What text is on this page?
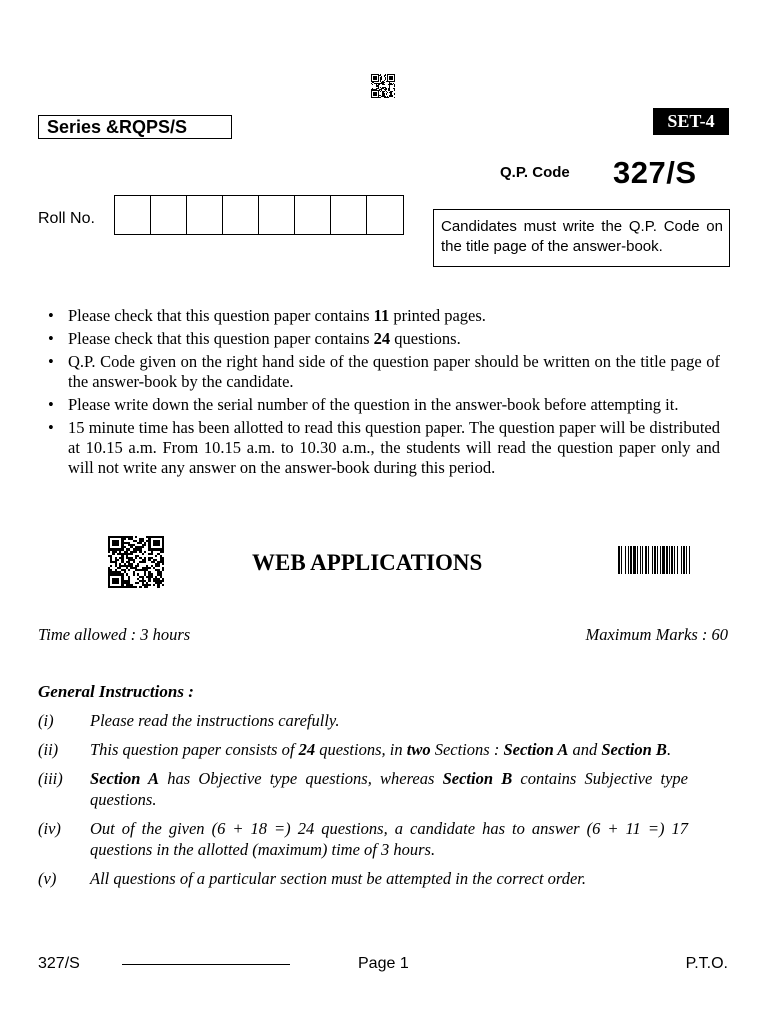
Series &RQPS/S	SET-4
Q.P. Code 327/S
Roll No.	Candidates must write the Q.P. Code on the title page of the answer-book.
• Please check that this question paper contains 11 printed pages.
• Please check that this question paper contains 24 questions.
• Q.P. Code given on the right hand side of the question paper should be written on the title page of the answer-book by the candidate.
• Please write down the serial number of the question in the answer-book before attempting it.
• 15 minute time has been allotted to read this question paper. The question paper will be distributed at 10.15 a.m. From 10.15 a.m. to 10.30 a.m., the students will read the question paper only and will not write any answer on the answer-book during this period.
WEB APPLICATIONS
Time allowed : 3 hours	Maximum Marks : 60
General Instructions :
(i)	Please read the instructions carefully.
(ii)	This question paper consists of 24 questions, in two Sections : Section A and Section B.
(iii)	Section A has Objective type questions, whereas Section B contains Subjective type questions.
(iv)	Out of the given (6 + 18 =) 24 questions, a candidate has to answer (6 + 11 =) 17 questions in the allotted (maximum) time of 3 hours.
(v)	All questions of a particular section must be attempted in the correct order.
327/S	Page 1	P.T.O.
